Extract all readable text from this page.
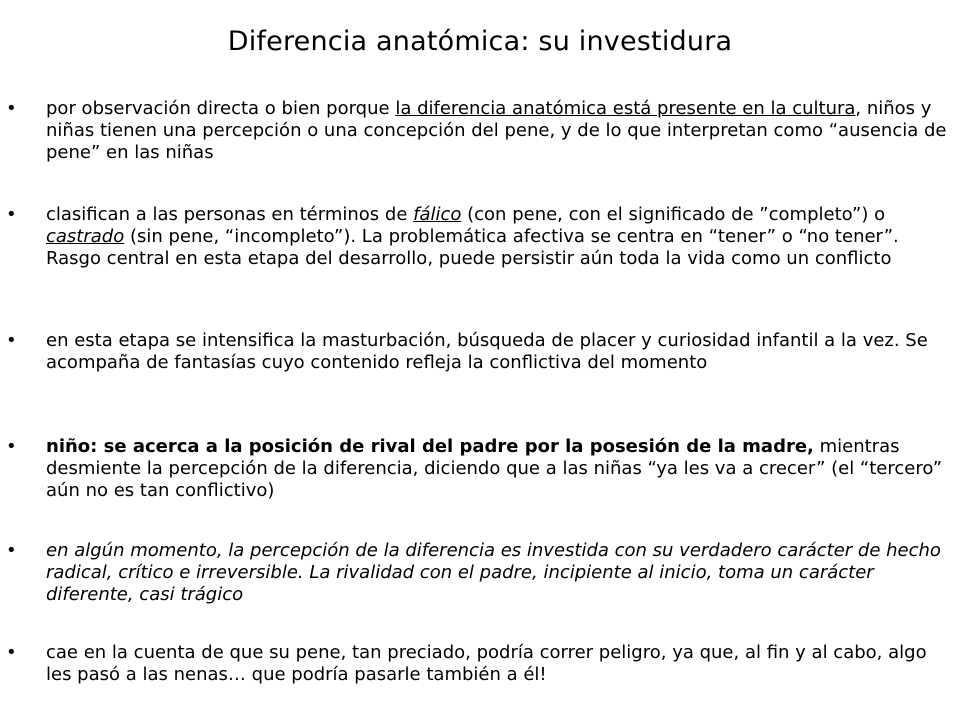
Diferencia anatómica: su investidura
• por observación directa o bien porque la diferencia anatómica está presente en la cultura, niños y niñas tienen una percepción o una concepción del pene, y de lo que interpretan como “ausencia de pene” en las niñas
• clasifican a las personas en términos de fálico (con pene, con el significado de ”completo”) o castrado (sin pene, “incompleto”). La problemática afectiva se centra en “tener” o “no tener”. Rasgo central en esta etapa del desarrollo, puede persistir aún toda la vida como un conflicto
• en esta etapa se intensifica la masturbación, búsqueda de placer y curiosidad infantil a la vez. Se acompaña de fantasías cuyo contenido refleja la conflictiva del momento
• niño: se acerca a la posición de rival del padre por la posesión de la madre, mientras desmiente la percepción de la diferencia, diciendo que a las niñas “ya les va a crecer” (el “tercero” aún no es tan conflictivo)
• en algún momento, la percepción de la diferencia es investida con su verdadero carácter de hecho radical, crítico e irreversible. La rivalidad con el padre, incipiente al inicio, toma un carácter diferente, casi trágico
• cae en la cuenta de que su pene, tan preciado, podría correr peligro, ya que, al fin y al cabo, algo les pasó a las nenas… que podría pasarle también a él!
